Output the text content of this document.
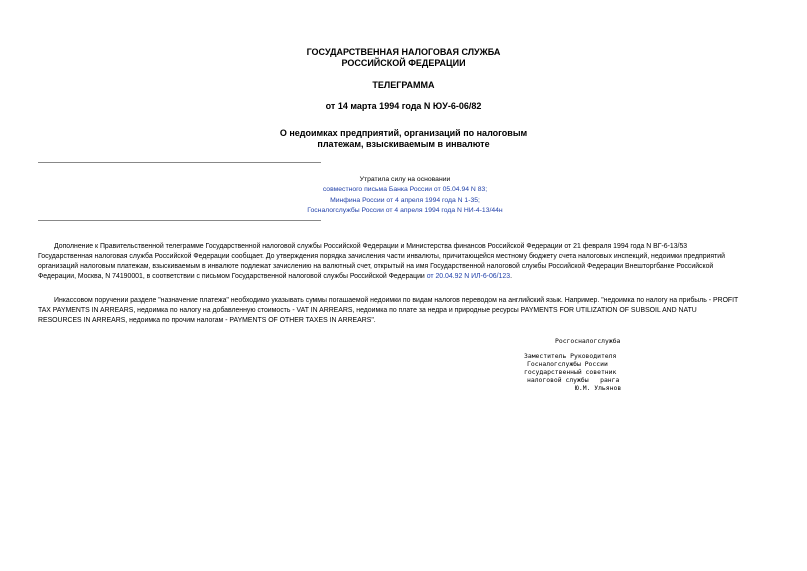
ГОСУДАРСТВЕННАЯ НАЛОГОВАЯ СЛУЖБА
РОССИЙСКОЙ ФЕДЕРАЦИИ
ТЕЛЕГРАММА
от 14 марта 1994 года N ЮУ-6-06/82
О недоимках предприятий, организаций по налоговым
платежам, взыскиваемым в инвалюте
Утратила силу на основании
совместного письма Банка России от 05.04.94 N 83;
Минфина России от 4 апреля 1994 года N 1-35;
Госналогслужбы России от 4 апреля 1994 года N НИ-4-13/44н
Дополнение к Правительственной телеграмме Государственной налоговой службы Российской Федерации и Министерства финансов Российской Федерации от 21 февраля 1994 года N ВГ-6-13/53
Государственная налоговая служба Российской Федерации сообщает. До утверждения порядка зачисления части инвалюты, причитающейся местному бюджету счета налоговых инспекций, недоимки предприятий
организаций налоговым платежам, взыскиваемым в инвалюте подлежат зачислению на валютный счет, открытый на имя Государственной налоговой службы Российской Федерации Внешторгбанке Российской
Федерации, Москва, N 74190001, в соответствии с письмом Государственной налоговой службы Российской Федерации от 20.04.92 N ИЛ-6-06/123.
Инкассовом поручении разделе "назначение платежа" необходимо указывать суммы погашаемой недоимки по видам налогов переводом на английский язык. Например. "недоимка по налогу на прибыль - PROFIT
TAX PAYMENTS IN ARREARS, недоимка по налогу на добавленную стоимость - VAT IN ARREARS, недоимка по плате за недра и природные ресурсы PAYMENTS FOR UTILIZATION OF SUBSOIL AND NATU
RESOURCES IN ARREARS, недоимка по прочим налогам - PAYMENTS OF OTHER TAXES IN ARREARS".
Росгосналогслужба
Заместитель Руководителя
Госналогслужбы России
государственный советник
налоговой службы   ранга
Ю.М. Ульянов
